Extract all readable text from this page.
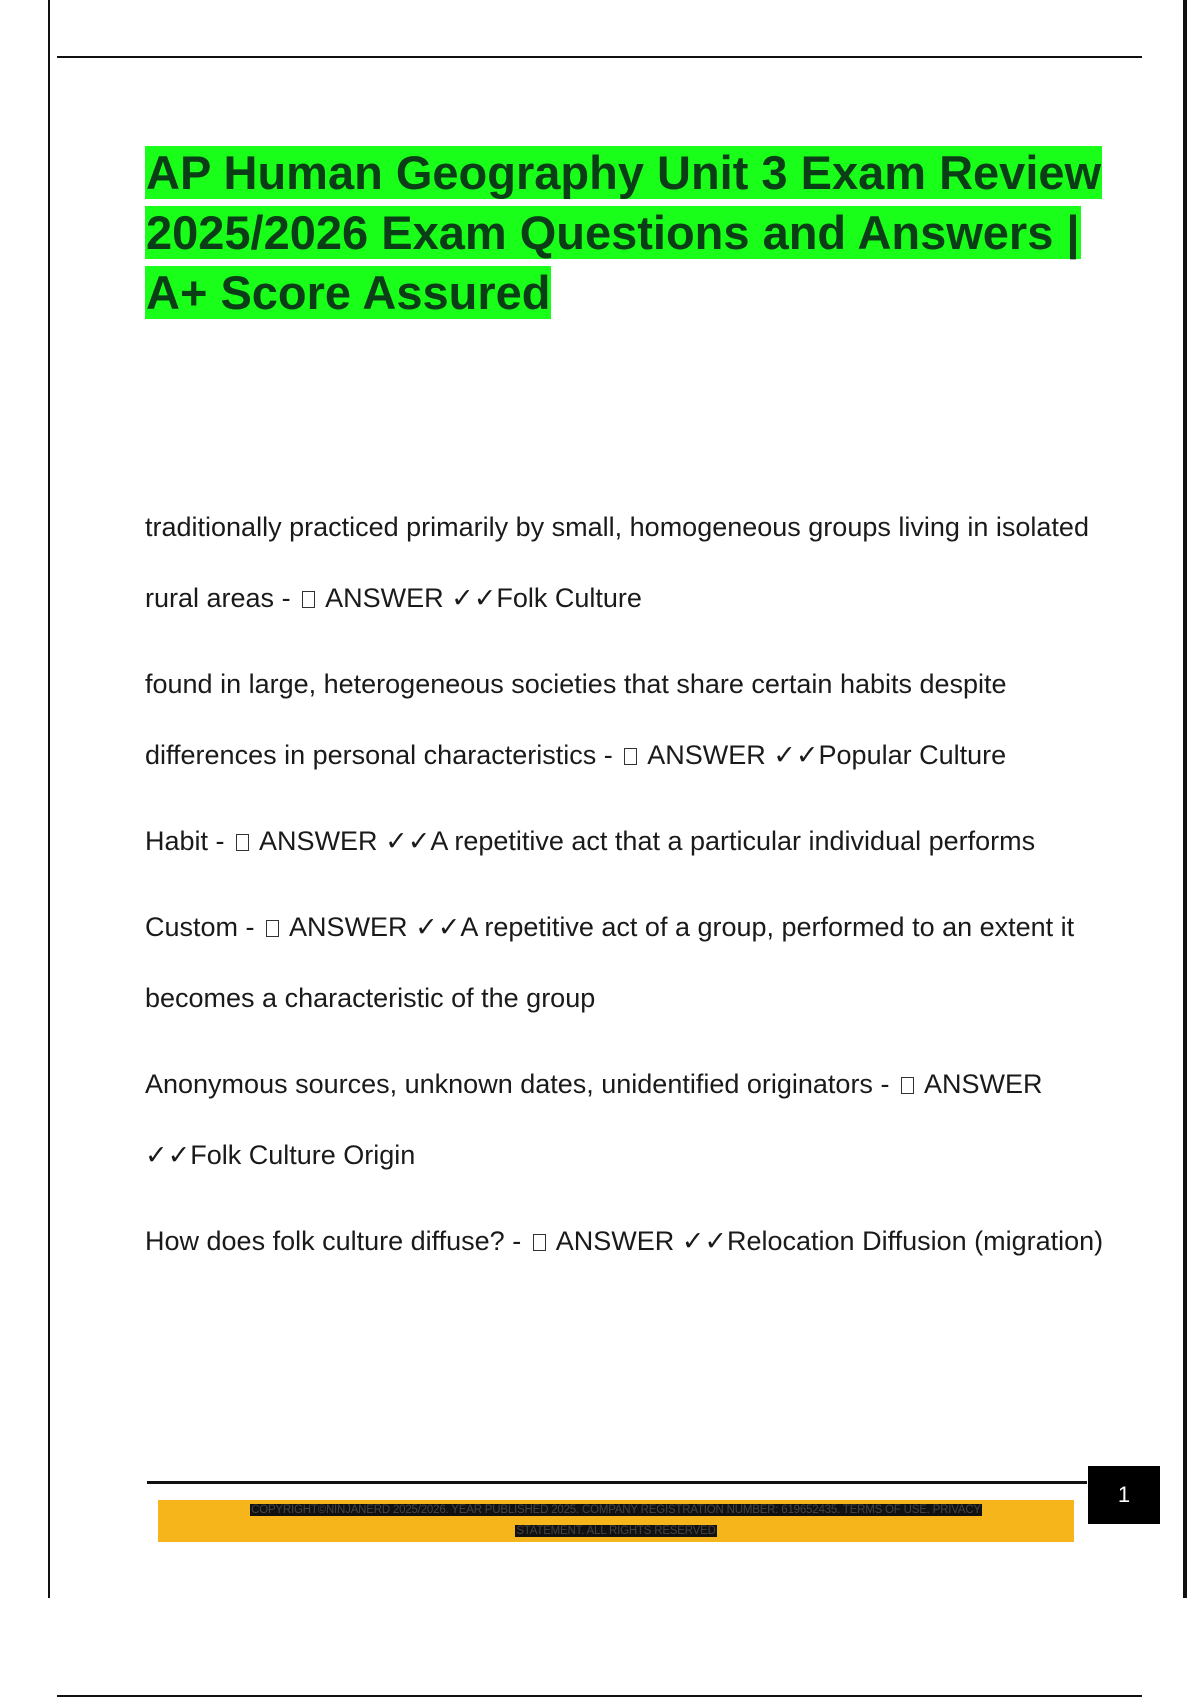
AP Human Geography Unit 3 Exam Review 2025/2026 Exam Questions and Answers | A+ Score Assured

traditionally practiced primarily by small, homogeneous groups living in isolated rural areas -  ANSWER ✓✓Folk Culture

found in large, heterogeneous societies that share certain habits despite differences in personal characteristics -  ANSWER ✓✓Popular Culture

Habit -  ANSWER ✓✓A repetitive act that a particular individual performs

Custom -  ANSWER ✓✓A repetitive act of a group, performed to an extent it becomes a characteristic of the group

Anonymous sources, unknown dates, unidentified originators -  ANSWER ✓✓Folk Culture Origin

How does folk culture diffuse? -  ANSWER ✓✓Relocation Diffusion (migration)

1
COPYRIGHT©NINJANERD 2025/2026. YEAR PUBLISHED 2025. COMPANY REGISTRATION NUMBER: 619652435. TERMS OF USE. PRIVACY
STATEMENT. ALL RIGHTS RESERVED
